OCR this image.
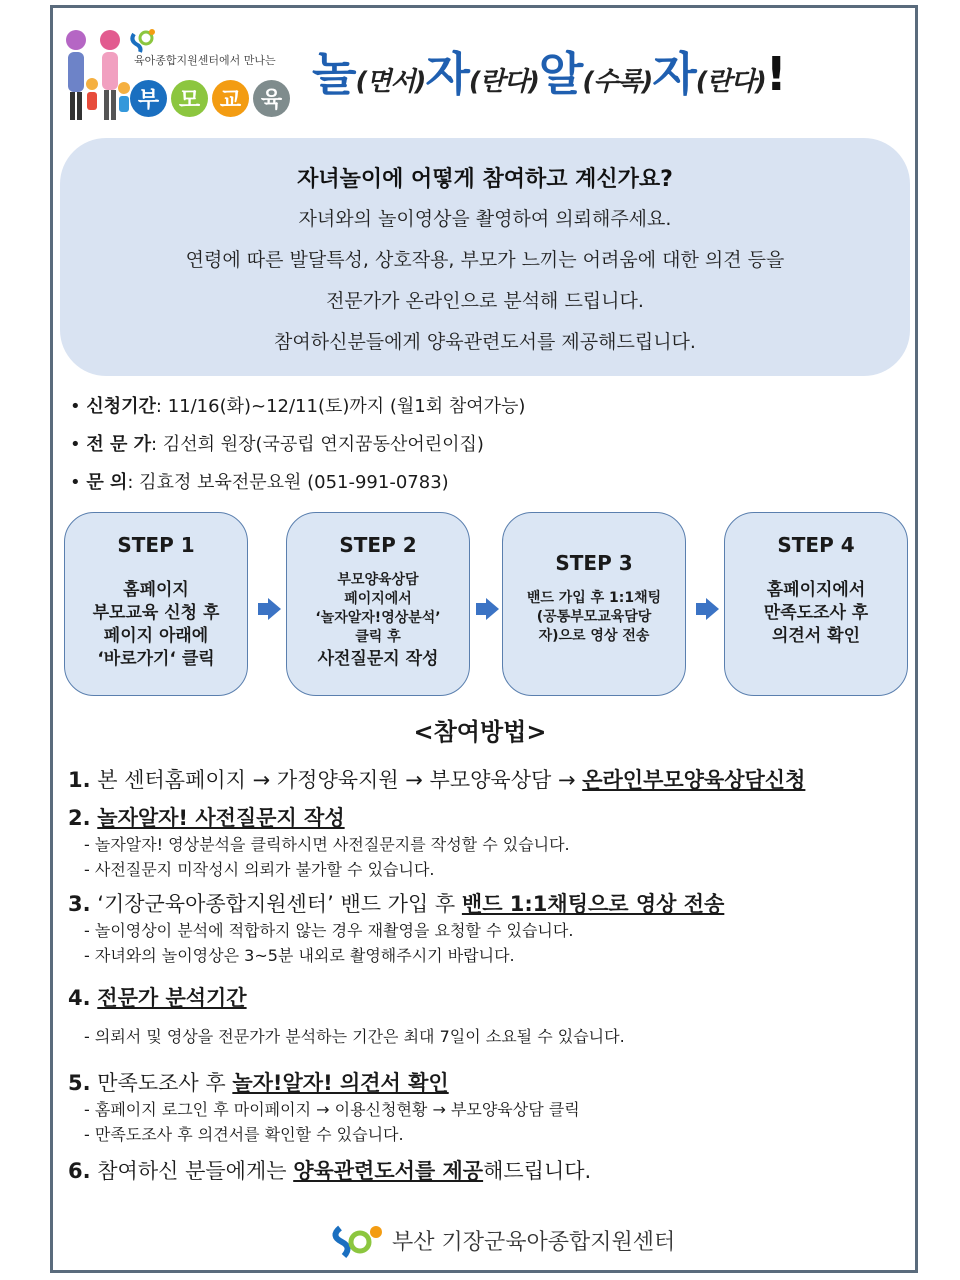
육아종합지원센터에서 만나는
부 모 교 육 놀(면서)자(란다)알(수록)자(란다)!
자녀놀이에 어떻게 참여하고 계신가요?

자녀와의 놀이영상을 촬영하여 의뢰해주세요.

연령에 따른 발달특성, 상호작용, 부모가 느끼는 어려움에 대한 의견 등을

전문가가 온라인으로 분석해 드립니다.

참여하신분들에게 양육관련도서를 제공해드립니다.

• 신청기간: 11/16(화)~12/11(토)까지 (월1회 참여가능)
• 전 문 가: 김선희 원장(국공립 연지꿈동산어린이집)
• 문 의: 김효정 보육전문요원 (051-991-0783)
STEP 1
홈페이지
부모교육 신청 후
페이지 아래에
‘바로가기‘ 클릭
STEP 2
부모양육상담
페이지에서
‘놀자알자!영상분석’
클릭 후
사전질문지 작성
STEP 3
밴드 가입 후 1:1채팅
(공통부모교육담당
자)으로 영상 전송
STEP 4
홈페이지에서
만족도조사 후
의견서 확인
<참여방법>
1. 본 센터홈페이지 → 가정양육지원 → 부모양육상담 → 온라인부모양육상담신청
2. 놀자알자! 사전질문지 작성
- 놀자알자! 영상분석을 클릭하시면 사전질문지를 작성할 수 있습니다.
- 사전질문지 미작성시 의뢰가 불가할 수 있습니다.
3. ‘기장군육아종합지원센터’ 밴드 가입 후 밴드 1:1채팅으로 영상 전송
- 놀이영상이 분석에 적합하지 않는 경우 재촬영을 요청할 수 있습니다.
- 자녀와의 놀이영상은 3~5분 내외로 촬영해주시기 바랍니다.
4. 전문가 분석기간
- 의뢰서 및 영상을 전문가가 분석하는 기간은 최대 7일이 소요될 수 있습니다.
5. 만족도조사 후 놀자!알자! 의견서 확인
- 홈페이지 로그인 후 마이페이지 → 이용신청현황 → 부모양육상담 클릭
- 만족도조사 후 의견서를 확인할 수 있습니다.
6. 참여하신 분들에게는 양육관련도서를 제공해드립니다.
부산 기장군육아종합지원센터
